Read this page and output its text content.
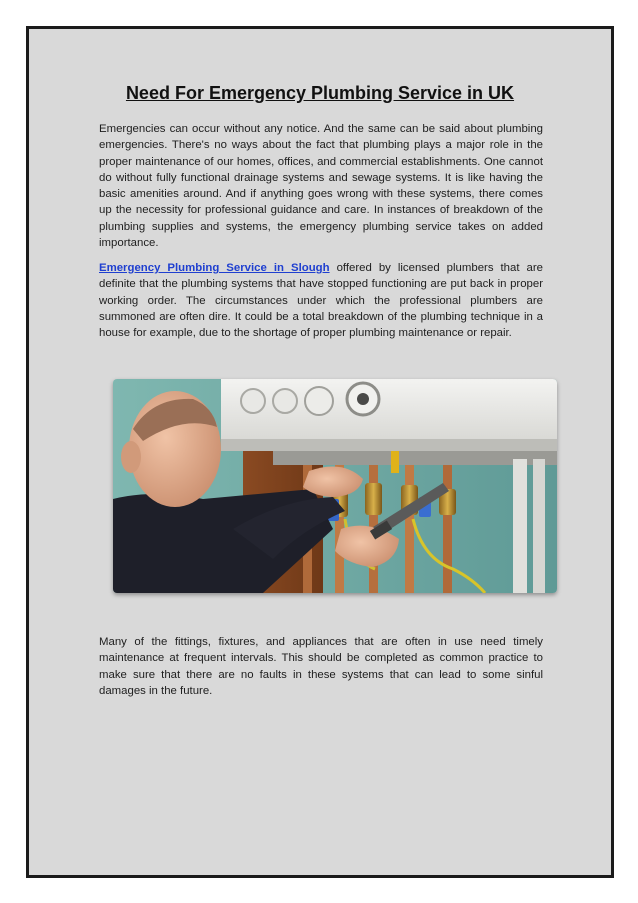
Need For Emergency Plumbing Service in UK

Emergencies can occur without any notice. And the same can be said about plumbing emergencies. There's no ways about the fact that plumbing plays a major role in the proper maintenance of our homes, offices, and commercial establishments. One cannot do without fully functional drainage systems and sewage systems. It is like having the basic amenities around. And if anything goes wrong with these systems, there comes up the necessity for professional guidance and care. In instances of breakdown of the plumbing supplies and systems, the emergency plumbing service takes on added importance.

Emergency Plumbing Service in Slough offered by licensed plumbers that are definite that the plumbing systems that have stopped functioning are put back in proper working order. The circumstances under which the professional plumbers are summoned are often dire. It could be a total breakdown of the plumbing technique in a house for example, due to the shortage of proper plumbing maintenance or repair.

Many of the fittings, fixtures, and appliances that are often in use need timely maintenance at frequent intervals. This should be completed as common practice to make sure that there are no faults in these systems that can lead to some sinful damages in the future.
